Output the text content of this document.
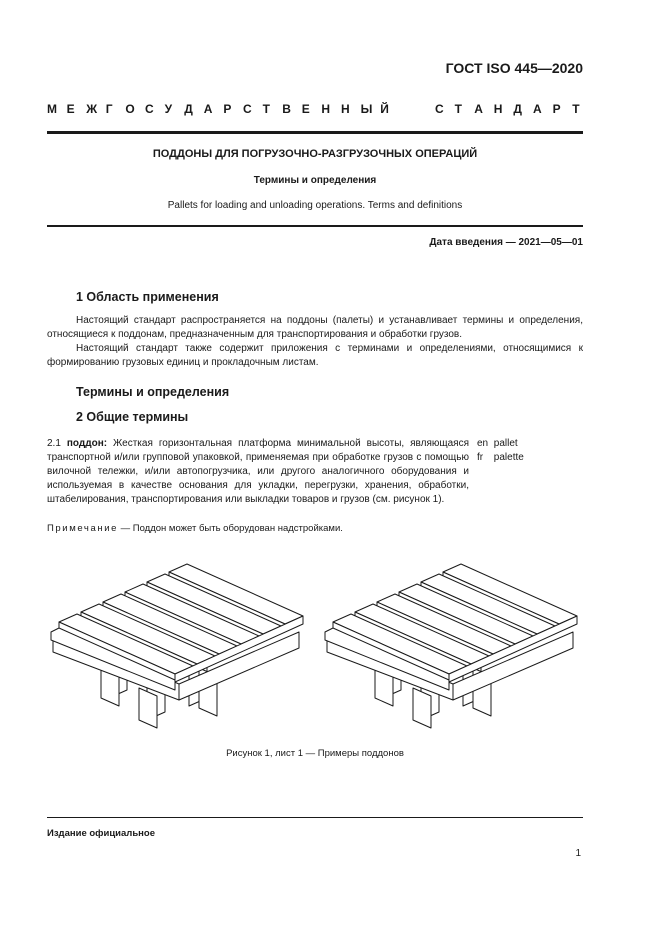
ГОСТ ISO 445—2020
М Е Ж Г О С У Д А Р С Т В Е Н Н Ы Й	С Т А Н Д А Р Т
ПОДДОНЫ ДЛЯ ПОГРУЗОЧНО-РАЗГРУЗОЧНЫХ ОПЕРАЦИЙ
Термины и определения
Pallets for loading and unloading operations. Terms and definitions
Дата введения — 2021—05—01
1 Область применения

Настоящий стандарт распространяется на поддоны (палеты) и устанавливает термины и определения, относящиеся к поддонам, предназначенным для транспортирования и обработки грузов.

Настоящий стандарт также содержит приложения с терминами и определениями, относящимися к формированию грузовых единиц и прокладочным листам.

Термины и определения
2 Общие термины
2.1 поддон: Жесткая горизонтальная платформа минимальной высоты, являющаяся транспортной и/или групповой упаковкой, применяемая при обработке грузов с помощью вилочной тележки, и/или автопогрузчика, или другого аналогичного оборудования и используемая в качестве основания для укладки, перегрузки, хранения, обработки, штабелирования, транспортирования или выкладки товаров и грузов (см. рисунок 1).
en pallet
fr palette
Примечание — Поддон может быть оборудован надстройками.
Рисунок 1, лист 1 — Примеры поддонов
Издание официальное
1
